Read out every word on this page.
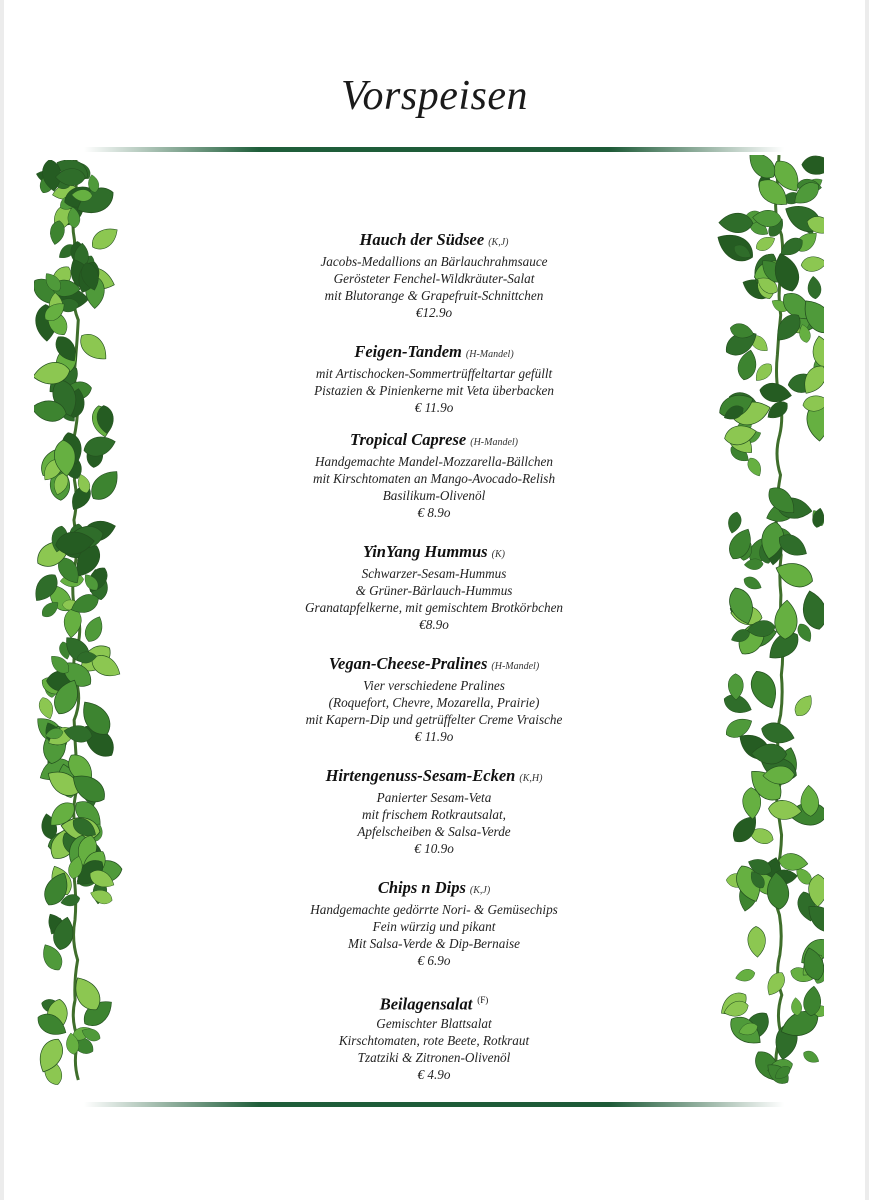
Vorspeisen
Hauch der Südsee (K,J)
Jacobs-Medallions an Bärlauchrahmsauce
Gerösteter Fenchel-Wildkräuter-Salat
mit Blutorange & Grapefruit-Schnittchen
€12.9o
Feigen-Tandem (H-Mandel)
mit Artischocken-Sommertrüffeltartar gefüllt
Pistazien & Pinienkerne mit Veta überbacken
€ 11.9o
Tropical Caprese (H-Mandel)
Handgemachte Mandel-Mozzarella-Bällchen
mit Kirschtomaten an Mango-Avocado-Relish
Basilikum-Olivenöl
€ 8.9o
YinYang Hummus (K)
Schwarzer-Sesam-Hummus
& Grüner-Bärlauch-Hummus
Granatapfelkerne, mit gemischtem Brotkörbchen
€8.9o
Vegan-Cheese-Pralines (H-Mandel)
Vier verschiedene Pralines
(Roquefort, Chevre, Mozarella, Prairie)
mit Kapern-Dip und getrüffelter Creme Vraische
€ 11.9o
Hirtengenuss-Sesam-Ecken (K,H)
Panierter Sesam-Veta
mit frischem Rotkrautsalat,
Apfelscheiben & Salsa-Verde
€ 10.9o
Chips n Dips (K,J)
Handgemachte gedörrte Nori- & Gemüsechips
Fein würzig und pikant
Mit Salsa-Verde & Dip-Bernaise
€ 6.9o
Beilagensalat $^{(F)}$
Gemischter Blattsalat
Kirschtomaten, rote Beete, Rotkraut
Tzatziki & Zitronen-Olivenöl
€ 4.9o
